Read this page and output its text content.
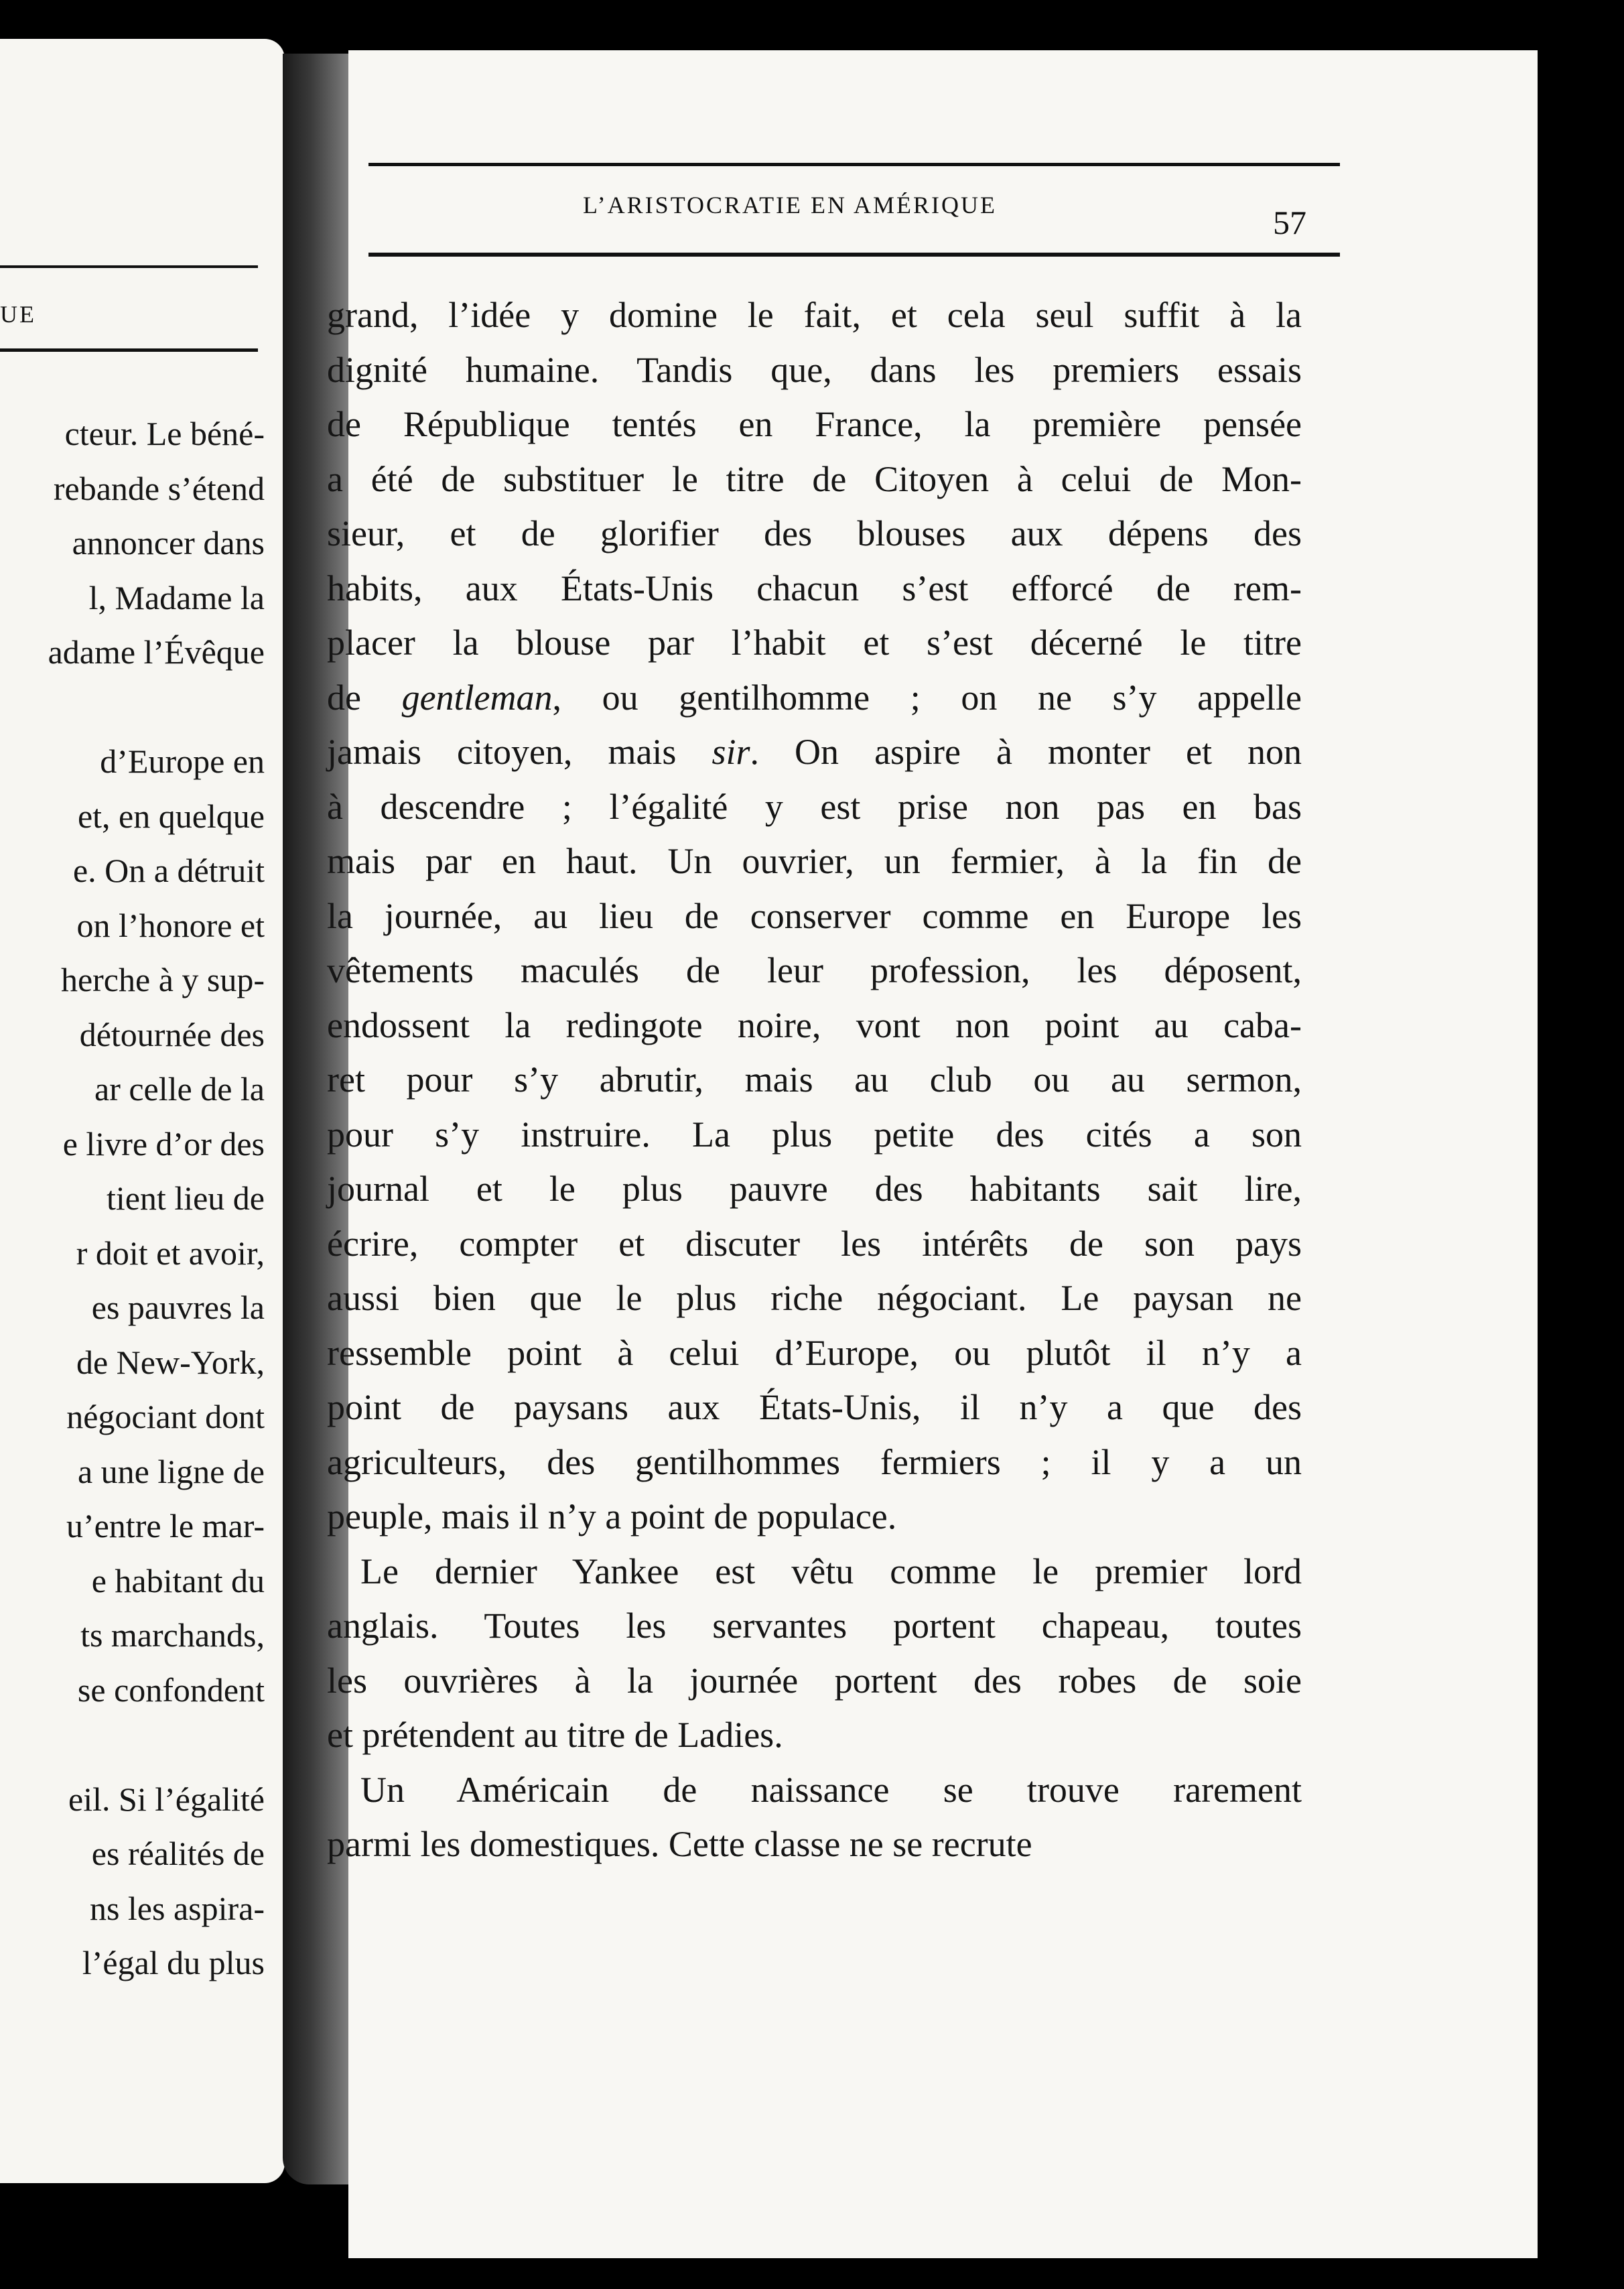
UE
cteur. Le béné-
rebande s’étend
annoncer dans
l, Madame la
adame l’Évêque
d’Europe en
et, en quelque
e. On a détruit
on l’honore et
herche à y sup-
détournée des
ar celle de la
e livre d’or des
tient lieu de
r doit et avoir,
es pauvres la
de New-York,
négociant dont
a une ligne de
u’entre le mar-
e habitant du
ts marchands,
se confondent
eil. Si l’égalité
es réalités de
ns les aspira-
l’égal du plus
L’ARISTOCRATIE EN AMÉRIQUE	57
grand, l’idée y domine le fait, et cela seul suffit à la
dignité humaine. Tandis que, dans les premiers essais
de République tentés en France, la première pensée
a été de substituer le titre de Citoyen à celui de Mon-
sieur, et de glorifier des blouses aux dépens des
habits, aux États-Unis chacun s’est efforcé de rem-
placer la blouse par l’habit et s’est décerné le titre
de gentleman, ou gentilhomme ; on ne s’y appelle
jamais citoyen, mais sir. On aspire à monter et non
à descendre ; l’égalité y est prise non pas en bas
mais par en haut. Un ouvrier, un fermier, à la fin de
la journée, au lieu de conserver comme en Europe les
vêtements maculés de leur profession, les déposent,
endossent la redingote noire, vont non point au caba-
ret pour s’y abrutir, mais au club ou au sermon,
pour s’y instruire. La plus petite des cités a son
journal et le plus pauvre des habitants sait lire,
écrire, compter et discuter les intérêts de son pays
aussi bien que le plus riche négociant. Le paysan ne
ressemble point à celui d’Europe, ou plutôt il n’y a
point de paysans aux États-Unis, il n’y a que des
agriculteurs, des gentilhommes fermiers ; il y a un
peuple, mais il n’y a point de populace.
Le dernier Yankee est vêtu comme le premier lord
anglais. Toutes les servantes portent chapeau, toutes
les ouvrières à la journée portent des robes de soie
et prétendent au titre de Ladies.
Un Américain de naissance se trouve rarement
parmi les domestiques. Cette classe ne se recrute
